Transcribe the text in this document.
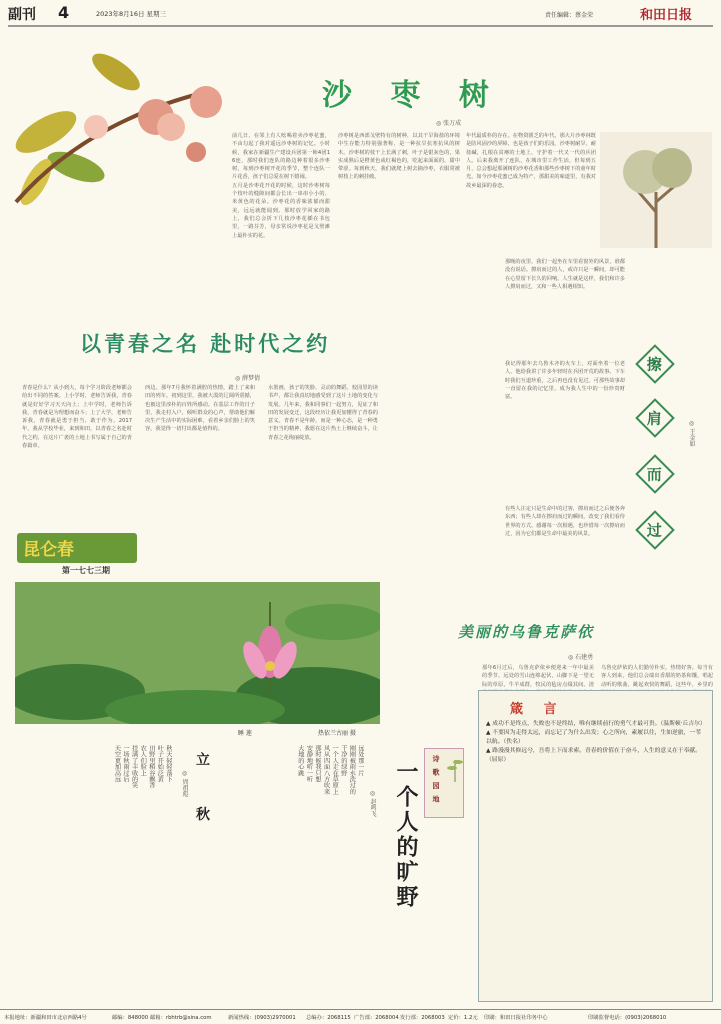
副刊 4	2023年8月16日 星期三	责任编辑：蔡金荣	和田日报
沙 枣 树
◎ 张万成

前几日，在邻上有人吆喝着卖沙枣花蜜，不由勾起了我对遥远沙枣树的记忆。小时候，我家在新疆生产建设兵团第一师4团16连，那时我们连队的路边种着很多沙枣树，每到沙枣树开花的季节，整个连队一片花香，孩子们总爱在树下嬉闹。

五月是沙枣花开花的时候，这时沙枣树每个枝叶的缝隙间都会长出一串串小小的、米黄色的花朵。沙枣花的香味浓郁而甜美，远远就能闻到。那时放学回家的路上，我们总会折下几枝沙枣花插在书包里，一路芬芳，母亲常说沙枣花是戈壁滩上最朴实的花。

沙枣树是西部戈壁特有的树种，以其干旱海盐的环境中生存能力特别强著称，是一种抗旱抗寒抗风的树木。沙枣树的枝干上长满了刺，叶子是银灰色的，果实成熟后是橙黄色或红褐色的，吃起来面面的，甜中带涩。每到秋天，我们就爬上树去摘沙枣，衣服常被树枝上的刺挂破。

年代最质朴的存在。在物资匮乏的年代，那大片沙枣林既是防风固沙的屏障，也是孩子们的乐园。沙枣树耐旱、耐盐碱，扎根在贫瘠的土地上，守护着一代又一代的兵团人。后来我离开了连队，在城市里工作生活，但每到五月，总会想起那满树的沙枣花香和那些沙枣树下的童年时光。如今沙枣花蜜已成为特产，那甜美的味道里，有我对故乡最深的眷恋。

以青春之名 赴时代之约
◎ 薛梦倩

青春是什么？从小到大，每个学习阶段老师都会给出不同的答案。上小学时，老师告诉我，青春就是好好学习天天向上；上中学时，老师告诉我，青春就是为理想而奋斗；上了大学，老师告诉我，青春就是勇于担当、敢于作为。2017年，我从学校毕业，来到和田，以青春之名赴时代之约，在这片广袤的土地上书写属于自己的青春篇章。

西边。那年7月我怀着满腔的热情，踏上了来和田的列车。初到这里，我被大漠的辽阔所震撼，也被这里淳朴的百姓所感动。在基层工作的日子里，我走村入户，倾听群众的心声，帮助他们解决生产生活中的实际困难，看着乡亲们脸上的笑容，我觉得一切付出都是值得的。

水墨画，孩子的笑脸、灵动的舞蹈、校园里的读书声，都让我真切地感受到了这片土地的变化与发展。几年来，我和同事们一起努力，见证了和田的发展变迁，这段经历让我更加懂得了青春的意义。青春不是年龄，而是一种心态，是一种勇于担当的精神，我愿在这片热土上继续奋斗，让青春之花绚丽绽放。

昆仑春
第一七七三期
睡 莲	热依兰古丽 摄
擦
肩
而
过
◎ 王金如

那晚的夜里，我们一起坐在车里看窗外的风景，谁都没有说话。擦肩而过的人，或许只是一瞬间，却可能在心里留下长久的回响。人生就是这样，我们和许多人擦肩而过，又和一些人相遇相知。

我记得那年去乌鲁木齐的火车上，对面坐着一位老人，他给我讲了许多年轻时在兵团开荒的故事。下车时我们互道珍重，之后再也没有见过。可那些故事却一直留在我的记忆里，成为我人生中的一份珍贵财富。

有些人注定只是生命中的过客，擦肩而过之后便各奔东西；有些人却在擦肩而过的瞬间，改变了我们看待世界的方式。感谢每一次相遇，也珍惜每一次擦肩而过，因为它们都是生命中最美的风景。

美丽的乌鲁克萨依
◎ 石建勇

那年6月过后，乌鲁克萨依乡便迎来一年中最美的季节。远处的雪山连绵起伏，山脚下是一望无际的草原，牛羊成群，牧民的毡房点缀其间。清

乌鲁克萨依的人们勤劳朴实，热情好客。每当有客人到来，他们总会端出香甜的奶茶和馕，唱起动听的歌曲，跳起欢快的舞蹈。这些年，乡里的

一个人的旷野
◎ 赵鸣飞
远处那一片
刚刚被雨水洗过的
干净的绿野
一个人走在草原上
风从四面八方吹来
那时候我只想
安静地听一听
大地的心跳	诗 歌 园 地
立 秋
◎ 周祖彪
秋天轻轻落下
叶子开始泛黄
田野里稻谷飘香
农人们脸上
挂满了丰收的笑
一场秋雨过后
天空更加高远
箴 言

▲ 成功不是终点，失败也不是终结，唯有继续前行的勇气才最可贵。（温斯顿·丘吉尔）

▲ 不要因为走得太远，而忘记了为什么出发；心之所向，素履以往，生如逆旅，一苇以航。（佚名）

▲ 路漫漫其修远兮，吾将上下而求索。青春的价值在于奋斗，人生的意义在于奉献。（屈原）

本报地址：新疆和田市北京西路4号	邮编：848000 邮箱：rbhtrb@sina.com	新闻热线：(0903)2970001 总编办：2068115 广告部：2068004 发行部：2068003 定价：1.2元 印刷：和田日报社印务中心	印刷监督电话：(0903)2068010
